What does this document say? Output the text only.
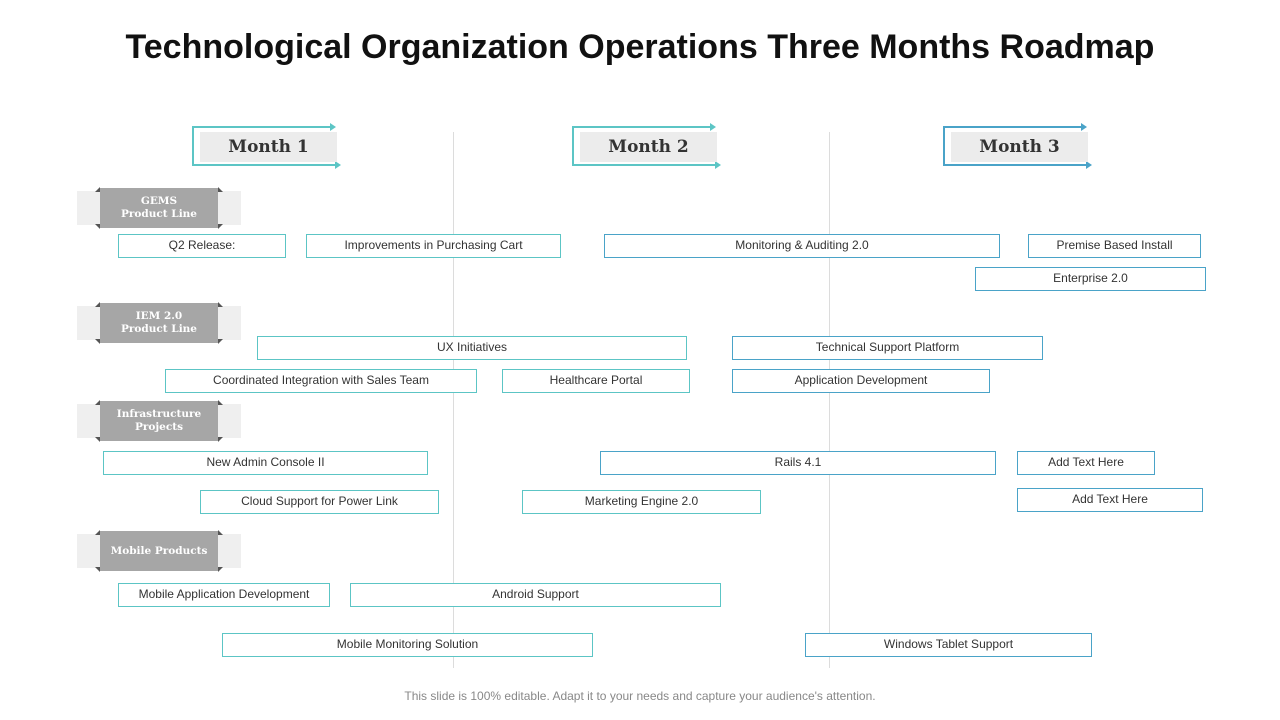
Technological Organization Operations Three Months Roadmap
Month 1	Month 2	Month 3
GEMS
Product Line
IEM 2.0
Product Line
Infrastructure
Projects
Mobile Products
Q2 Release:	Improvements in Purchasing Cart	Monitoring & Auditing 2.0	Premise Based Install
Enterprise 2.0
UX Initiatives	Technical Support Platform
Coordinated Integration with Sales Team	Healthcare Portal	Application Development
New Admin Console II	Rails 4.1	Add Text Here
Cloud Support for Power Link	Marketing Engine 2.0	Add Text Here
Mobile Application Development	Android Support
Mobile Monitoring Solution	Windows Tablet Support
This slide is 100% editable. Adapt it to your needs and capture your audience's attention.
